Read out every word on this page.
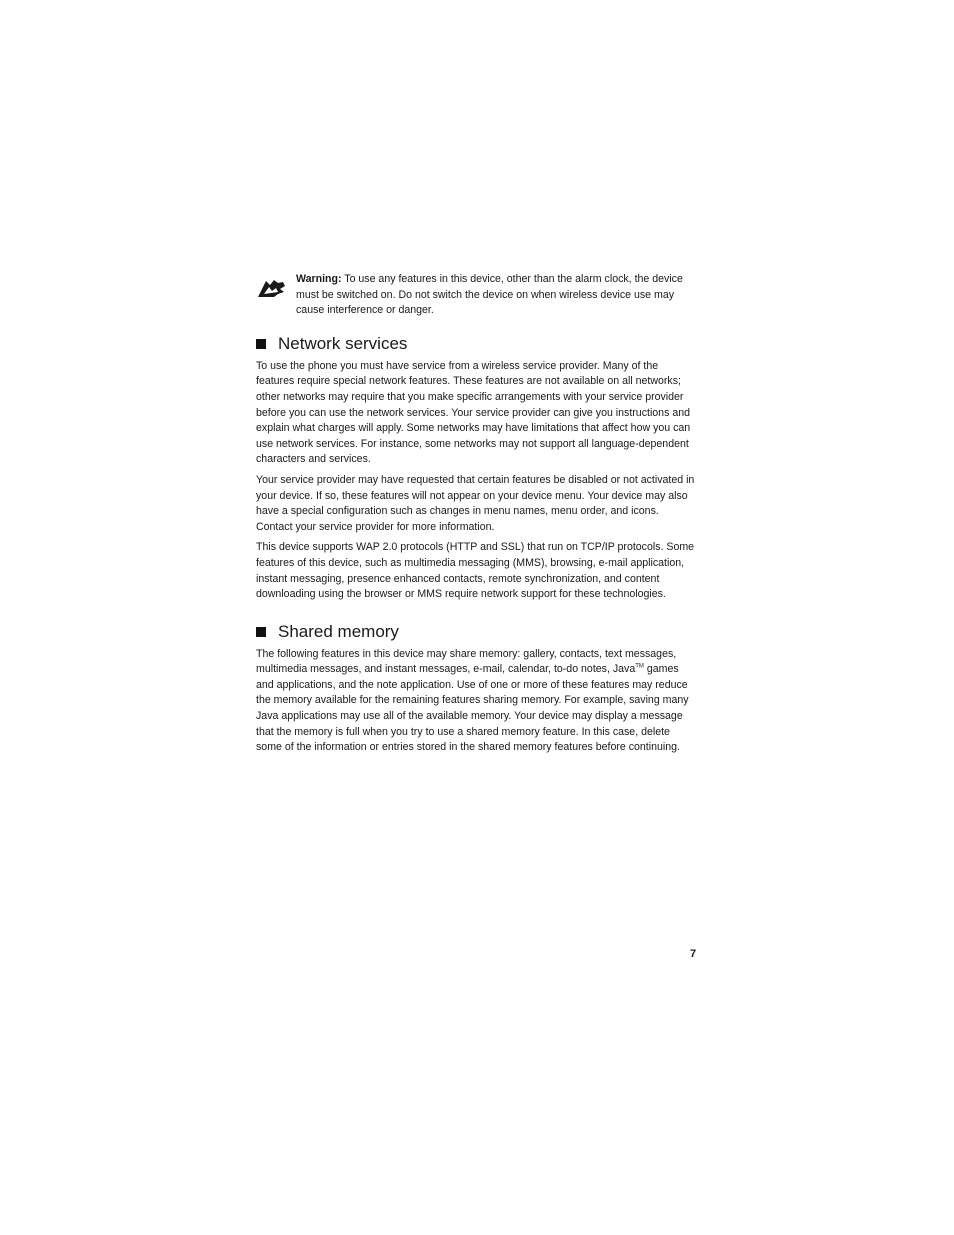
Warning: To use any features in this device, other than the alarm clock, the device must be switched on. Do not switch the device on when wireless device use may cause interference or danger.
Network services

To use the phone you must have service from a wireless service provider. Many of the features require special network features. These features are not available on all networks; other networks may require that you make specific arrangements with your service provider before you can use the network services. Your service provider can give you instructions and explain what charges will apply. Some networks may have limitations that affect how you can use network services. For instance, some networks may not support all language-dependent characters and services.

Your service provider may have requested that certain features be disabled or not activated in your device. If so, these features will not appear on your device menu. Your device may also have a special configuration such as changes in menu names, menu order, and icons. Contact your service provider for more information.

This device supports WAP 2.0 protocols (HTTP and SSL) that run on TCP/IP protocols. Some features of this device, such as multimedia messaging (MMS), browsing, e-mail application, instant messaging, presence enhanced contacts, remote synchronization, and content downloading using the browser or MMS require network support for these technologies.

Shared memory

The following features in this device may share memory: gallery, contacts, text messages, multimedia messages, and instant messages, e-mail, calendar, to-do notes, Java™ games and applications, and the note application. Use of one or more of these features may reduce the memory available for the remaining features sharing memory. For example, saving many Java applications may use all of the available memory. Your device may display a message that the memory is full when you try to use a shared memory feature. In this case, delete some of the information or entries stored in the shared memory features before continuing.

7
